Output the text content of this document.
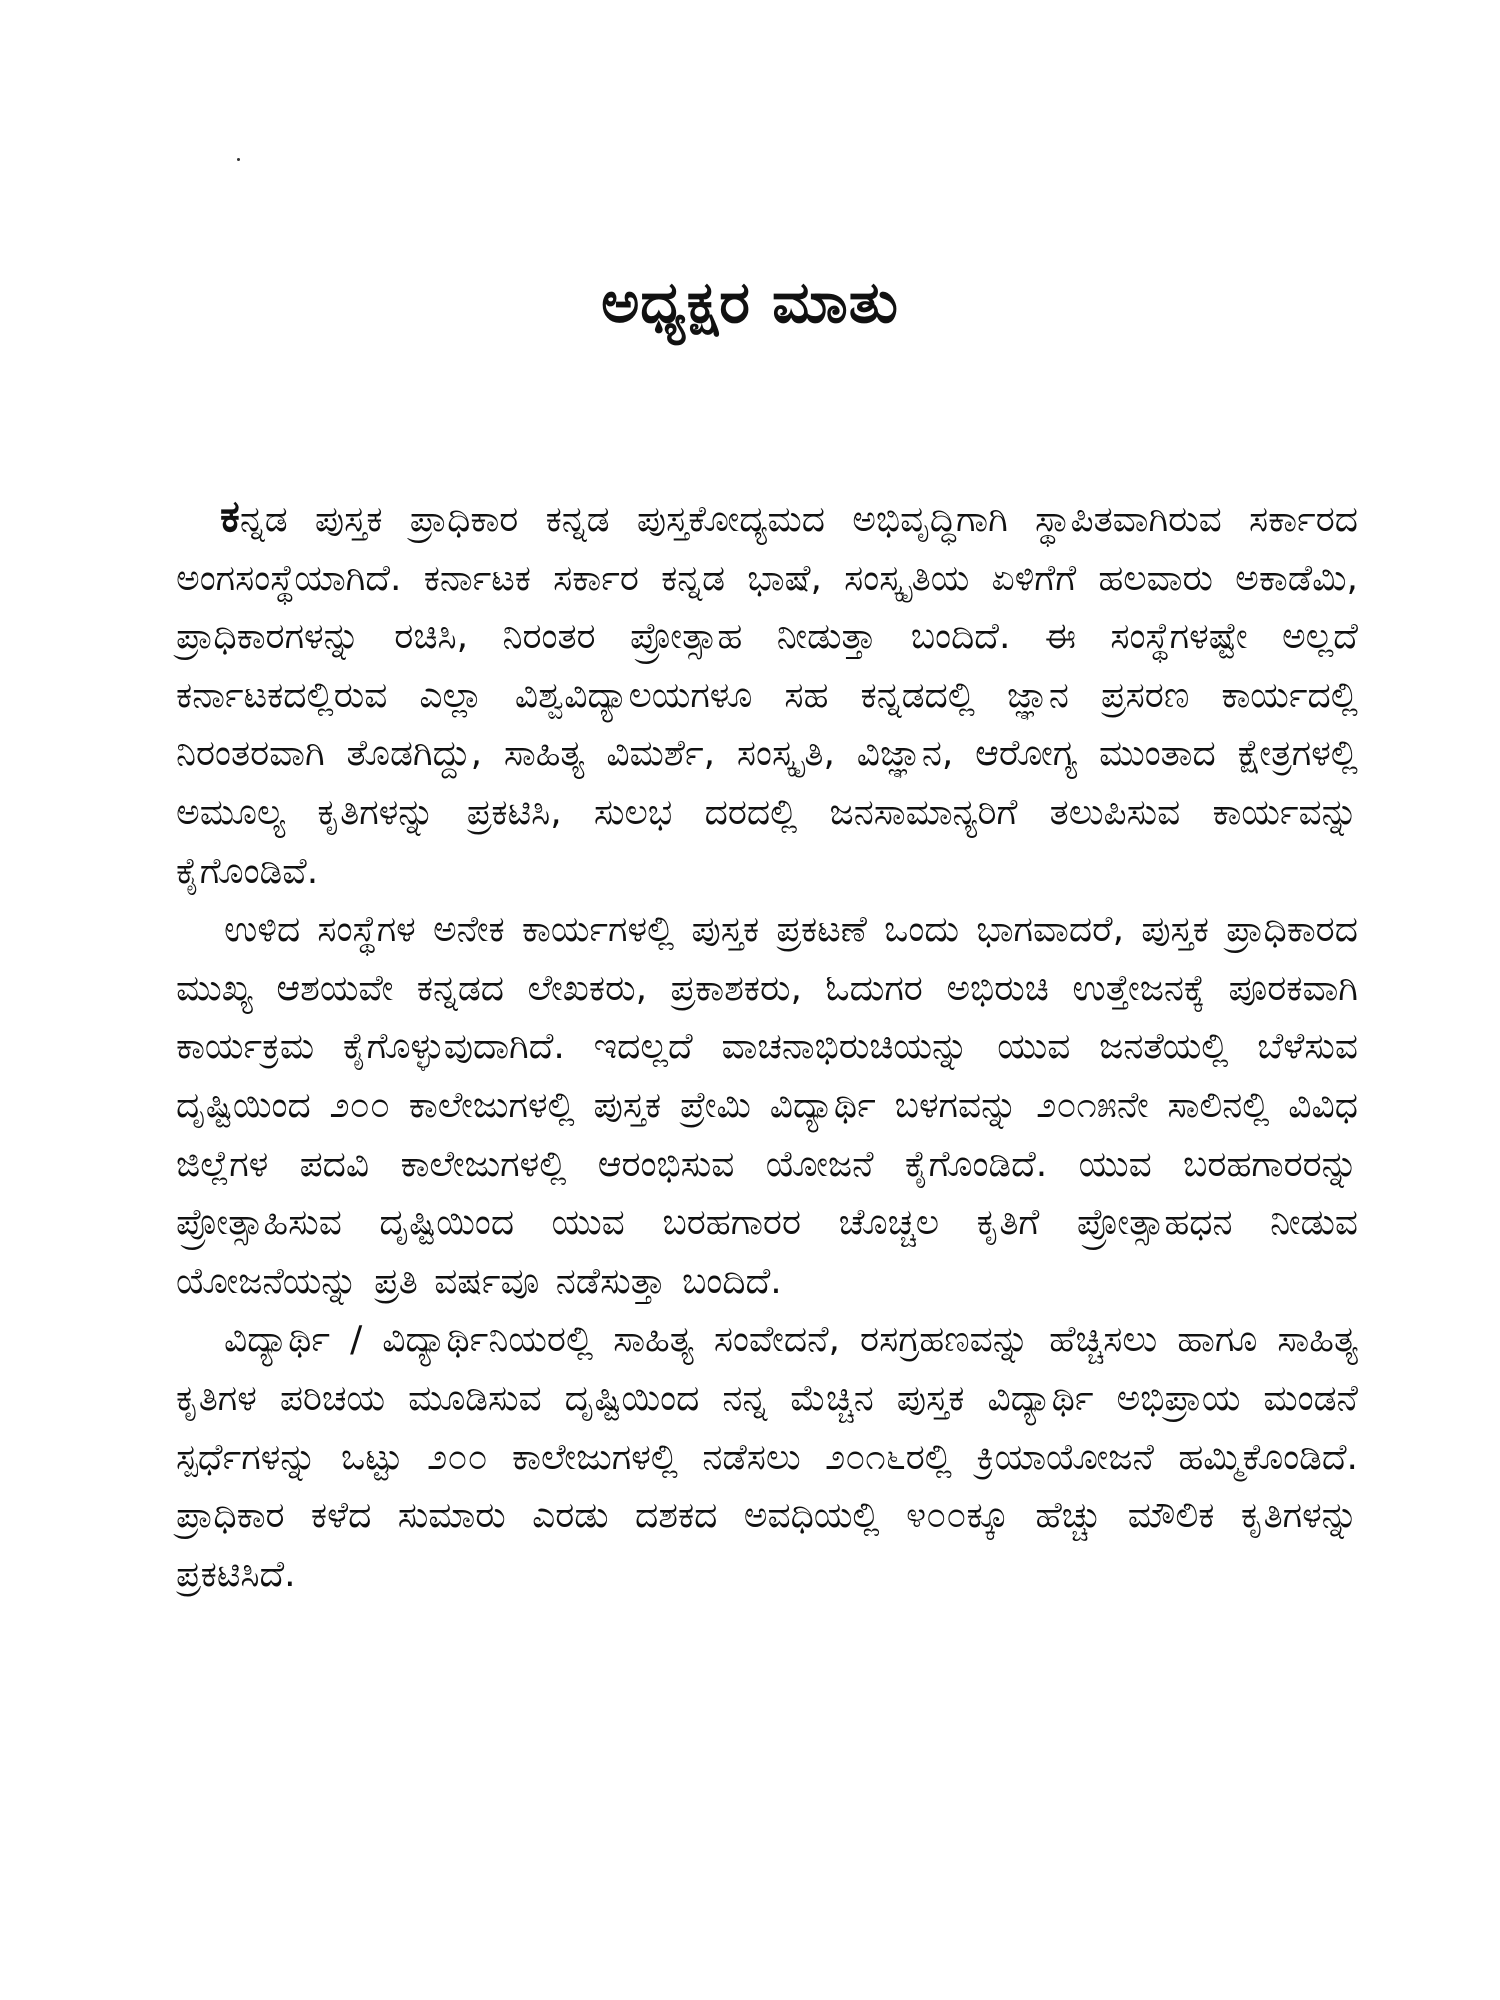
ಅಧ್ಯಕ್ಷರ ಮಾತು

ಕನ್ನಡ ಪುಸ್ತಕ ಪ್ರಾಧಿಕಾರ ಕನ್ನಡ ಪುಸ್ತಕೋದ್ಯಮದ ಅಭಿವೃದ್ಧಿಗಾಗಿ ಸ್ಥಾಪಿತವಾಗಿರುವ ಸರ್ಕಾರದ ಅಂಗಸಂಸ್ಥೆಯಾಗಿದೆ. ಕರ್ನಾಟಕ ಸರ್ಕಾರ ಕನ್ನಡ ಭಾಷೆ, ಸಂಸ್ಕೃತಿಯ ಏಳಿಗೆಗೆ ಹಲವಾರು ಅಕಾಡೆಮಿ, ಪ್ರಾಧಿಕಾರಗಳನ್ನು ರಚಿಸಿ, ನಿರಂತರ ಪ್ರೋತ್ಸಾಹ ನೀಡುತ್ತಾ ಬಂದಿದೆ. ಈ ಸಂಸ್ಥೆಗಳಷ್ಟೇ ಅಲ್ಲದೆ ಕರ್ನಾಟಕದಲ್ಲಿರುವ ಎಲ್ಲಾ ವಿಶ್ವವಿದ್ಯಾಲಯಗಳೂ ಸಹ ಕನ್ನಡದಲ್ಲಿ ಜ್ಞಾನ ಪ್ರಸರಣ ಕಾರ್ಯದಲ್ಲಿ ನಿರಂತರವಾಗಿ ತೊಡಗಿದ್ದು, ಸಾಹಿತ್ಯ ವಿಮರ್ಶೆ, ಸಂಸ್ಕೃತಿ, ವಿಜ್ಞಾನ, ಆರೋಗ್ಯ ಮುಂತಾದ ಕ್ಷೇತ್ರಗಳಲ್ಲಿ ಅಮೂಲ್ಯ ಕೃತಿಗಳನ್ನು ಪ್ರಕಟಿಸಿ, ಸುಲಭ ದರದಲ್ಲಿ ಜನಸಾಮಾನ್ಯರಿಗೆ ತಲುಪಿಸುವ ಕಾರ್ಯವನ್ನು ಕೈಗೊಂಡಿವೆ.

ಉಳಿದ ಸಂಸ್ಥೆಗಳ ಅನೇಕ ಕಾರ್ಯಗಳಲ್ಲಿ ಪುಸ್ತಕ ಪ್ರಕಟಣೆ ಒಂದು ಭಾಗವಾದರೆ, ಪುಸ್ತಕ ಪ್ರಾಧಿಕಾರದ ಮುಖ್ಯ ಆಶಯವೇ ಕನ್ನಡದ ಲೇಖಕರು, ಪ್ರಕಾಶಕರು, ಓದುಗರ ಅಭಿರುಚಿ ಉತ್ತೇಜನಕ್ಕೆ ಪೂರಕವಾಗಿ ಕಾರ್ಯಕ್ರಮ ಕೈಗೊಳ್ಳುವುದಾಗಿದೆ. ಇದಲ್ಲದೆ ವಾಚನಾಭಿರುಚಿಯನ್ನು ಯುವ ಜನತೆಯಲ್ಲಿ ಬೆಳೆಸುವ ದೃಷ್ಟಿಯಿಂದ ೨೦೦ ಕಾಲೇಜುಗಳಲ್ಲಿ ಪುಸ್ತಕ ಪ್ರೇಮಿ ವಿದ್ಯಾರ್ಥಿ ಬಳಗವನ್ನು ೨೦೧೫ನೇ ಸಾಲಿನಲ್ಲಿ ವಿವಿಧ ಜಿಲ್ಲೆಗಳ ಪದವಿ ಕಾಲೇಜುಗಳಲ್ಲಿ ಆರಂಭಿಸುವ ಯೋಜನೆ ಕೈಗೊಂಡಿದೆ. ಯುವ ಬರಹಗಾರರನ್ನು ಪ್ರೋತ್ಸಾಹಿಸುವ ದೃಷ್ಟಿಯಿಂದ ಯುವ ಬರಹಗಾರರ ಚೊಚ್ಚಲ ಕೃತಿಗೆ ಪ್ರೋತ್ಸಾಹಧನ ನೀಡುವ ಯೋಜನೆಯನ್ನು ಪ್ರತಿ ವರ್ಷವೂ ನಡೆಸುತ್ತಾ ಬಂದಿದೆ.

ವಿದ್ಯಾರ್ಥಿ / ವಿದ್ಯಾರ್ಥಿನಿಯರಲ್ಲಿ ಸಾಹಿತ್ಯ ಸಂವೇದನೆ, ರಸಗ್ರಹಣವನ್ನು ಹೆಚ್ಚಿಸಲು ಹಾಗೂ ಸಾಹಿತ್ಯ ಕೃತಿಗಳ ಪರಿಚಯ ಮೂಡಿಸುವ ದೃಷ್ಟಿಯಿಂದ ನನ್ನ ಮೆಚ್ಚಿನ ಪುಸ್ತಕ ವಿದ್ಯಾರ್ಥಿ ಅಭಿಪ್ರಾಯ ಮಂಡನೆ ಸ್ಪರ್ಧೆಗಳನ್ನು ಒಟ್ಟು ೨೦೦ ಕಾಲೇಜುಗಳಲ್ಲಿ ನಡೆಸಲು ೨೦೧೬ರಲ್ಲಿ ಕ್ರಿಯಾಯೋಜನೆ ಹಮ್ಮಿಕೊಂಡಿದೆ. ಪ್ರಾಧಿಕಾರ ಕಳೆದ ಸುಮಾರು ಎರಡು ದಶಕದ ಅವಧಿಯಲ್ಲಿ ೪೦೦ಕ್ಕೂ ಹೆಚ್ಚು ಮೌಲಿಕ ಕೃತಿಗಳನ್ನು ಪ್ರಕಟಿಸಿದೆ.
